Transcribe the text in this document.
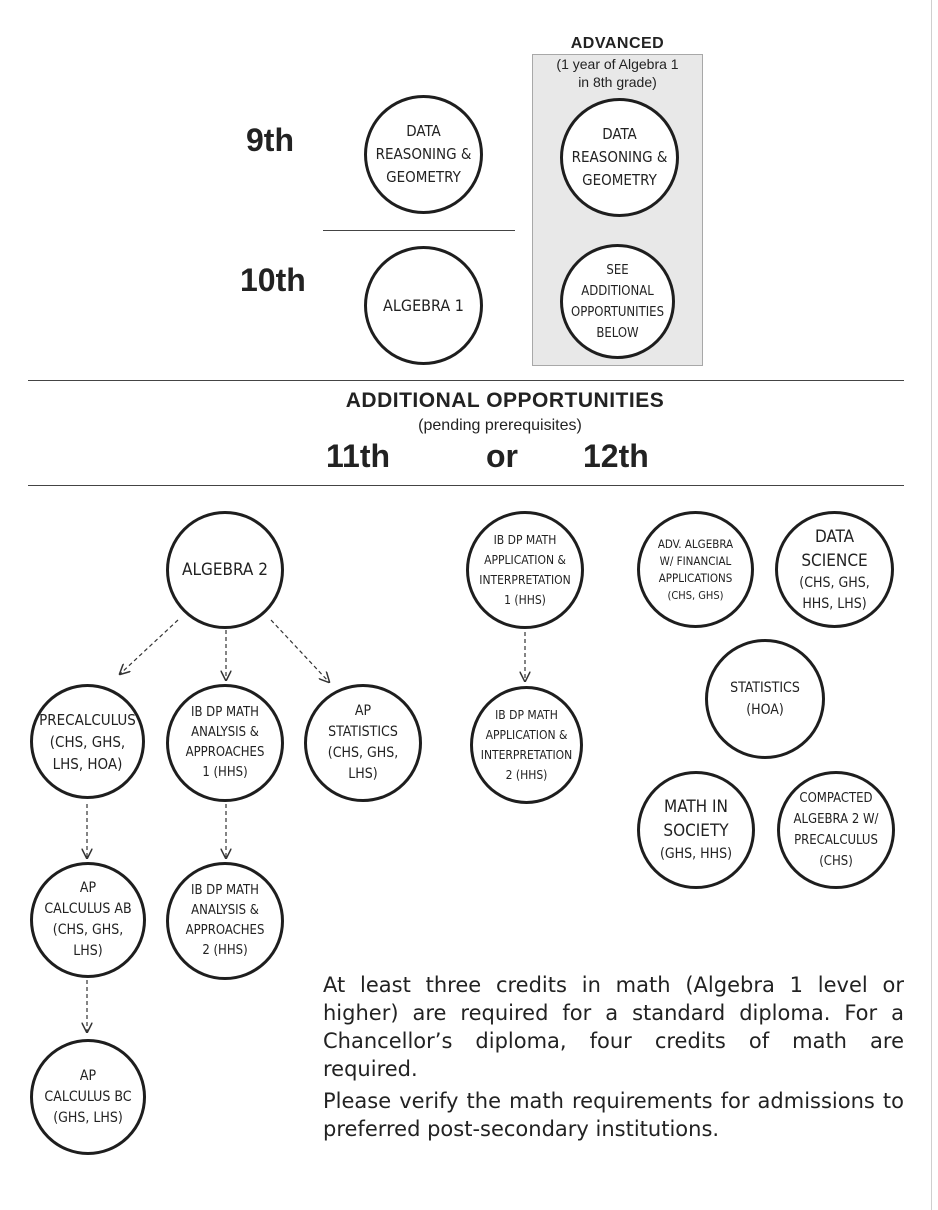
ADVANCED
(1 year of Algebra 1
in 8th grade)
9th
10th
DATA
REASONING &
GEOMETRY
DATA
REASONING &
GEOMETRY
ALGEBRA 1
SEE
ADDITIONAL
OPPORTUNITIES
BELOW
ADDITIONAL OPPORTUNITIES
(pending prerequisites)
11th	or 12th
ALGEBRA 2
PRECALCULUS
(CHS, GHS,
LHS, HOA)
IB DP MATH
ANALYSIS &
APPROACHES
1 (HHS)
AP
STATISTICS
(CHS, GHS,
LHS)
AP
CALCULUS AB
(CHS, GHS,
LHS)
IB DP MATH
ANALYSIS &
APPROACHES
2 (HHS)
AP
CALCULUS BC
(GHS, LHS)
IB DP MATH
APPLICATION &
INTERPRETATION
1 (HHS)
IB DP MATH
APPLICATION &
INTERPRETATION
2 (HHS)
ADV. ALGEBRA
W/ FINANCIAL
APPLICATIONS
(CHS, GHS)
DATA
SCIENCE
(CHS, GHS,
HHS, LHS)
STATISTICS
(HOA)
MATH IN
SOCIETY
(GHS, HHS)
COMPACTED
ALGEBRA 2 W/
PRECALCULUS
(CHS)
At least three credits in math (Algebra 1 level or higher) are required for a standard diploma. For a Chancellor’s diploma, four credits of math are required.
Please verify the math requirements for admissions to preferred post-secondary institutions.
